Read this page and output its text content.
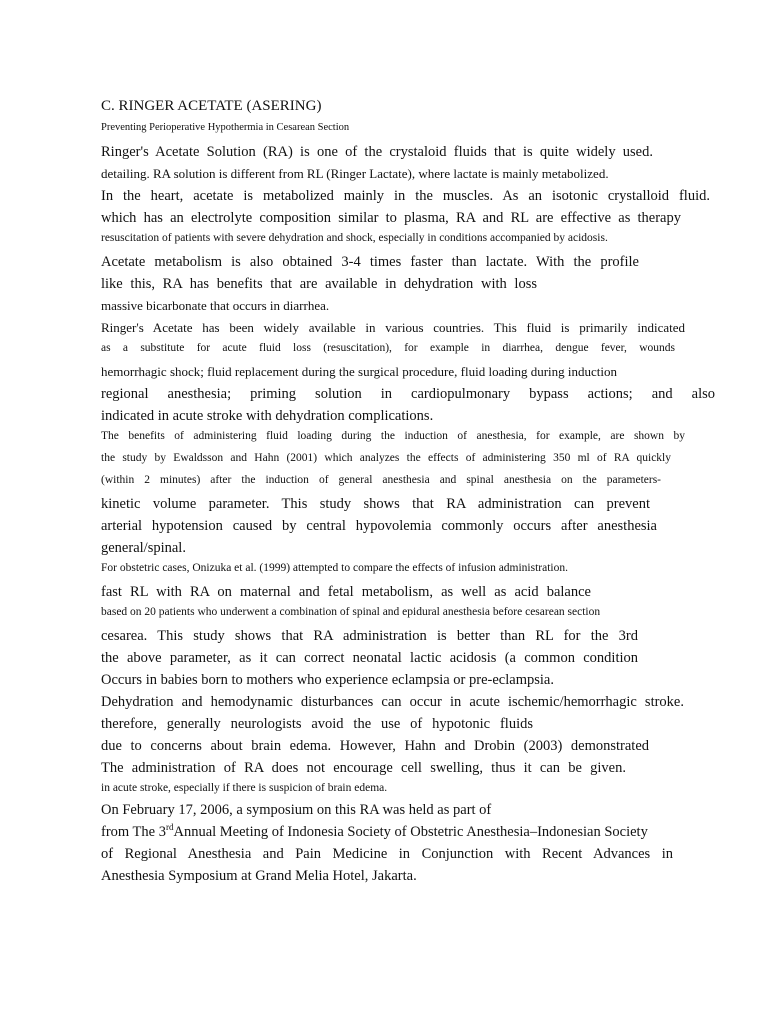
C. RINGER ACETATE (ASERING)
Preventing Perioperative Hypothermia in Cesarean Section
Ringer's Acetate Solution (RA) is one of the crystaloid fluids that is quite widely used.
detailing. RA solution is different from RL (Ringer Lactate), where lactate is mainly metabolized.
In the heart, acetate is metabolized mainly in the muscles. As an isotonic crystalloid fluid.
which has an electrolyte composition similar to plasma, RA and RL are effective as therapy
resuscitation of patients with severe dehydration and shock, especially in conditions accompanied by acidosis.
Acetate metabolism is also obtained 3-4 times faster than lactate. With the profile
like this, RA has benefits that are available in dehydration with loss
massive bicarbonate that occurs in diarrhea.
Ringer's Acetate has been widely available in various countries. This fluid is primarily indicated
as a substitute for acute fluid loss (resuscitation), for example in diarrhea, dengue fever, wounds
hemorrhagic shock; fluid replacement during the surgical procedure, fluid loading during induction
regional anesthesia; priming solution in cardiopulmonary bypass actions; and also
indicated in acute stroke with dehydration complications.
The benefits of administering fluid loading during the induction of anesthesia, for example, are shown by
the study by Ewaldsson and Hahn (2001) which analyzes the effects of administering 350 ml of RA quickly
(within 2 minutes) after the induction of general anesthesia and spinal anesthesia on the parameters-
kinetic volume parameter. This study shows that RA administration can prevent
arterial hypotension caused by central hypovolemia commonly occurs after anesthesia
general/spinal.
For obstetric cases, Onizuka et al. (1999) attempted to compare the effects of infusion administration.
fast RL with RA on maternal and fetal metabolism, as well as acid balance
based on 20 patients who underwent a combination of spinal and epidural anesthesia before cesarean section
cesarea. This study shows that RA administration is better than RL for the 3rd
the above parameter, as it can correct neonatal lactic acidosis (a common condition
Occurs in babies born to mothers who experience eclampsia or pre-eclampsia.
Dehydration and hemodynamic disturbances can occur in acute ischemic/hemorrhagic stroke.
therefore, generally neurologists avoid the use of hypotonic fluids
due to concerns about brain edema. However, Hahn and Drobin (2003) demonstrated
The administration of RA does not encourage cell swelling, thus it can be given.
in acute stroke, especially if there is suspicion of brain edema.
On February 17, 2006, a symposium on this RA was held as part of
from The 3rdAnnual Meeting of Indonesia Society of Obstetric Anesthesia–Indonesian Society
of Regional Anesthesia and Pain Medicine in Conjunction with Recent Advances in
Anesthesia Symposium at Grand Melia Hotel, Jakarta.
